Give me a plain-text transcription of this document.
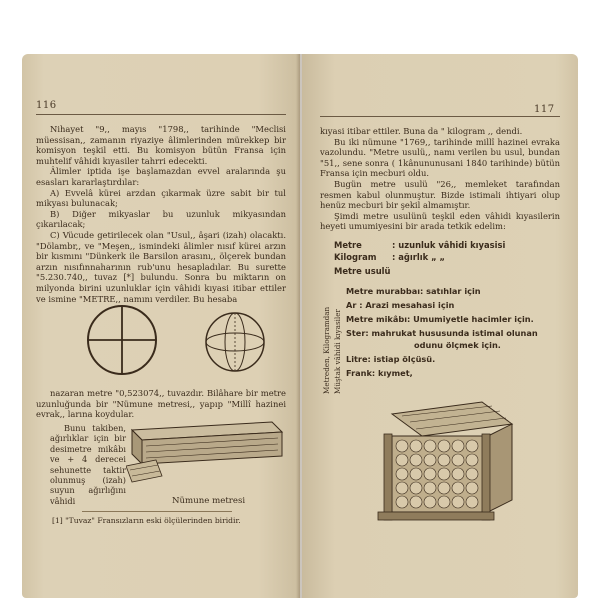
116

Nihayet "9,, mayıs "1798,, tarihinde "Meclisi müessisan,, zamanın riyaziye âlimlerinden mürekkep bir komisyon teşkil etti. Bu komisyon bütün Fransa için muhtelif vâhidi kıyasiler tahrri edecekti.

Âlimler iptida işe başlamazdan evvel aralarında şu esasları kararlaştırdılar:

A) Evvelâ kürei arzdan çıkarmak üzre sabit bir tul mikyası bulunacak;

B) Diğer mikyaslar bu uzunluk mikyasından çıkarılacak;

C) Vücude getirilecek olan "Usul,, âşari (izah) olacaktı. "Dölambr,, ve "Meşen,, ismindeki âlimler nısıf kürei arzın bir kısmını "Dünkerk ile Barsilon arasını,, ölçerek bundan arzın nısıfınnaharının rub'unu hesapladılar. Bu surette "5.230.740,, tuvaz [*] bulundu. Sonra bu miktarın on milyonda birini uzunluklar için vâhidi kıyasi itibar ettiler ve ismine "METRE,, namını verdiler. Bu hesaba

nazaran metre "0,523074,, tuvazdır. Bilâhare bir metre uzunluğunda bir "Nümune metresi,, yapıp "Millî hazinei evrak,, larına koydular.

Bunu takiben, ağırlıklar için bir desimetre mikâbı ve + 4 derecei sehunette taktir olunmuş (izah) suyun ağırlığını vâhidi	Nümune metresi
[1] "Tuvaz" Fransızların eski ölçülerinden biridir.
117

kıyasi itibar ettiler. Buna da " kilogram ,, dendi.

Bu iki nümune "1769,, tarihinde millî hazinei evraka vazolundu. "Metre usulü,, namı verilen bu usul, bundan "51,, sene sonra ( 1kânununusani 1840 tarihinde) bütün Fransa için mecburi oldu.

Bugün metre usulü "26,, memleket tarafından resmen kabul olunmuştur. Bizde istimali ihtiyari olup henüz mecburi bir şekil almamıştır.

Şimdi metre usulünü teşkil eden vâhidi kıyasilerin heyeti umumiyesini bir arada tetkik edelim:

Metre	: uzunluk vâhidi kıyasisi
Kilogram : ağırlık „ „
Metre usulü
Metreden, Kilogramdan Müştak vâhidi kıyasiler
Metre murabbaı: satıhlar için
Ar : Arazi mesahasi için
Metre mikâbı: Umumiyetle hacimler için.
Ster: mahrukat hususunda istimal olunan
odunu ölçmek için.
Litre: istiap ölçüsü.
Frank: kıymet,
